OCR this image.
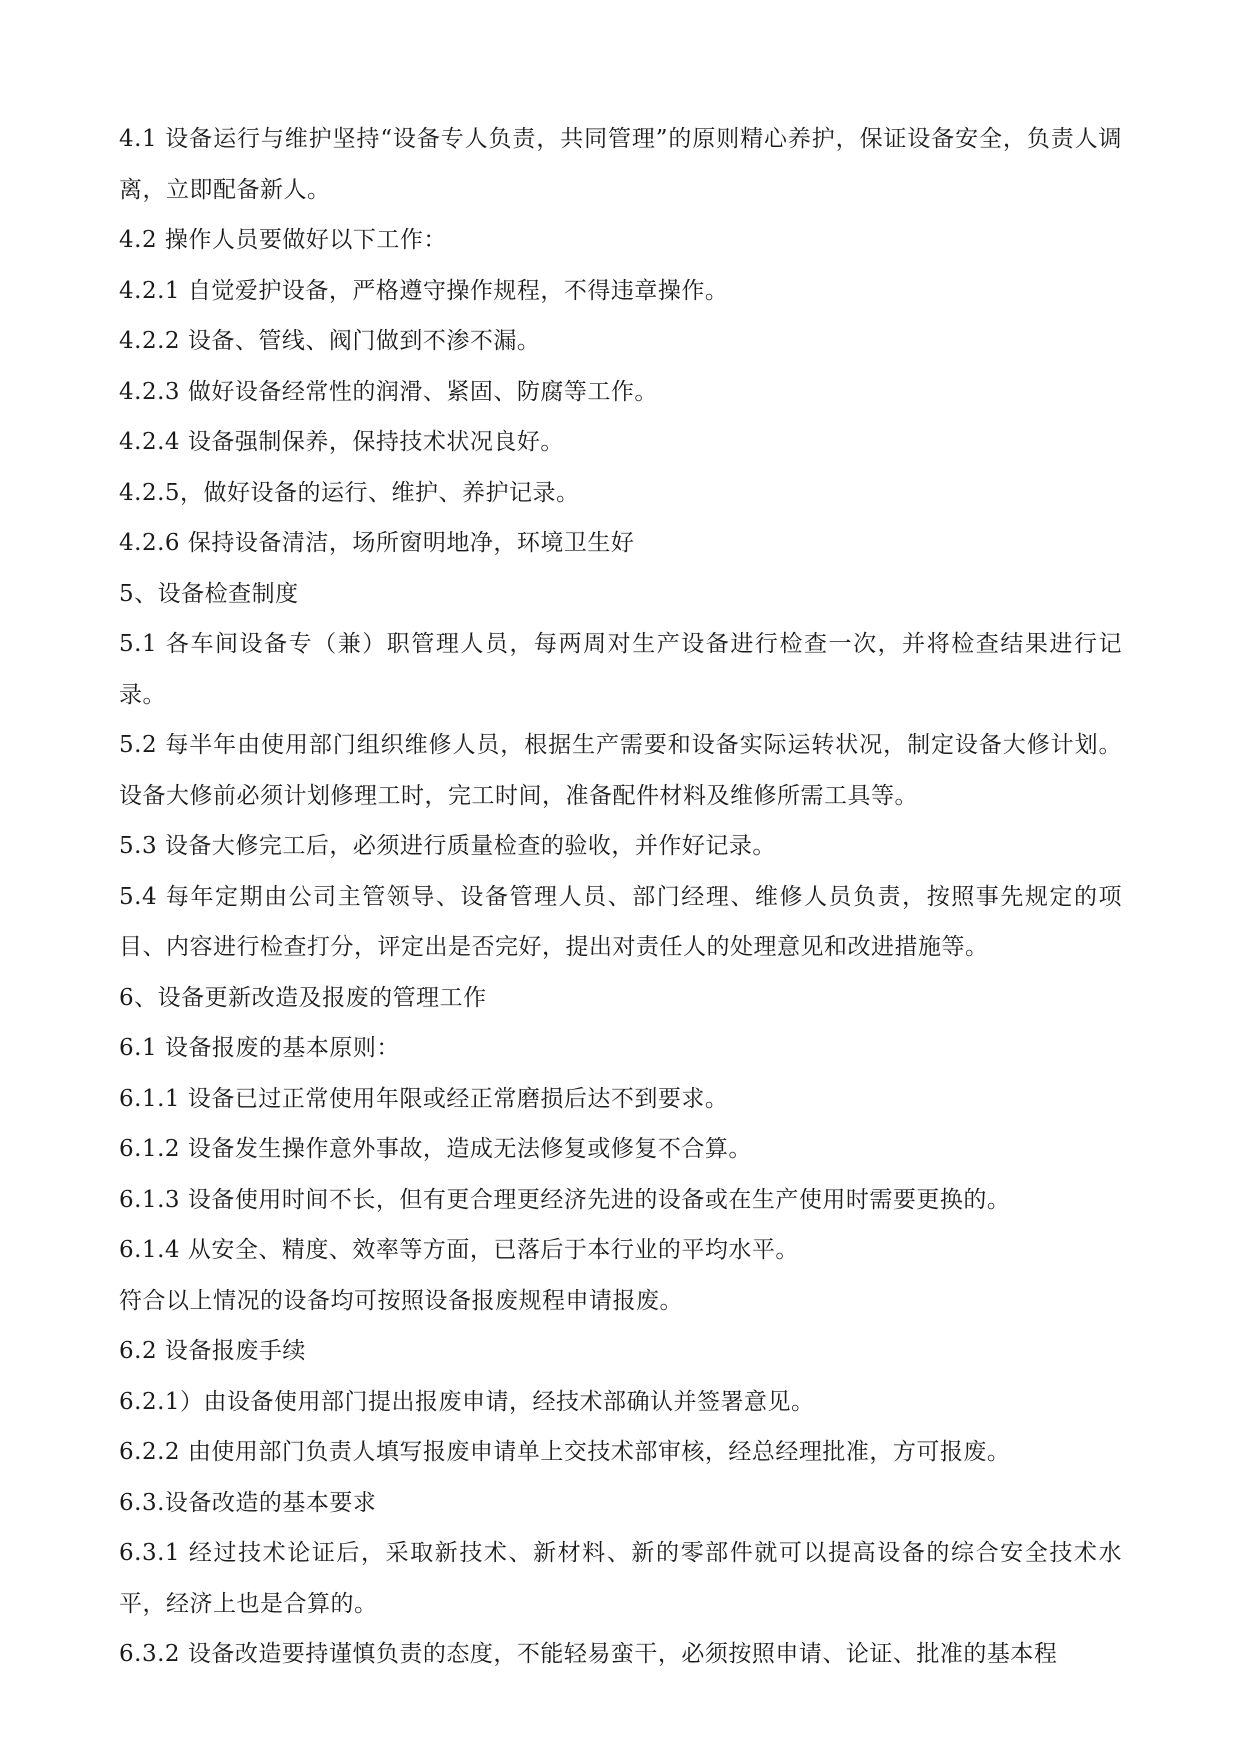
4.1 设备运行与维护坚持“设备专人负责，共同管理”的原则精心养护，保证设备安全，负责人调离，立即配备新人。

4.2 操作人员要做好以下工作：

4.2.1 自觉爱护设备，严格遵守操作规程，不得违章操作。

4.2.2 设备、管线、阀门做到不渗不漏。

4.2.3 做好设备经常性的润滑、紧固、防腐等工作。

4.2.4 设备强制保养，保持技术状况良好。

4.2.5，做好设备的运行、维护、养护记录。

4.2.6 保持设备清洁，场所窗明地净，环境卫生好

5、设备检查制度

5.1 各车间设备专（兼）职管理人员，每两周对生产设备进行检查一次，并将检查结果进行记录。

5.2 每半年由使用部门组织维修人员，根据生产需要和设备实际运转状况，制定设备大修计划。设备大修前必须计划修理工时，完工时间，准备配件材料及维修所需工具等。

5.3 设备大修完工后，必须进行质量检查的验收，并作好记录。

5.4 每年定期由公司主管领导、设备管理人员、部门经理、维修人员负责，按照事先规定的项目、内容进行检查打分，评定出是否完好，提出对责任人的处理意见和改进措施等。

6、设备更新改造及报废的管理工作

6.1 设备报废的基本原则：

6.1.1 设备已过正常使用年限或经正常磨损后达不到要求。

6.1.2 设备发生操作意外事故，造成无法修复或修复不合算。

6.1.3 设备使用时间不长，但有更合理更经济先进的设备或在生产使用时需要更换的。

6.1.4 从安全、精度、效率等方面，已落后于本行业的平均水平。

符合以上情况的设备均可按照设备报废规程申请报废。

6.2 设备报废手续

6.2.1）由设备使用部门提出报废申请，经技术部确认并签署意见。

6.2.2 由使用部门负责人填写报废申请单上交技术部审核，经总经理批准，方可报废。

6.3.设备改造的基本要求

6.3.1 经过技术论证后，采取新技术、新材料、新的零部件就可以提高设备的综合安全技术水平，经济上也是合算的。

6.3.2 设备改造要持谨慎负责的态度，不能轻易蛮干，必须按照申请、论证、批准的基本程
